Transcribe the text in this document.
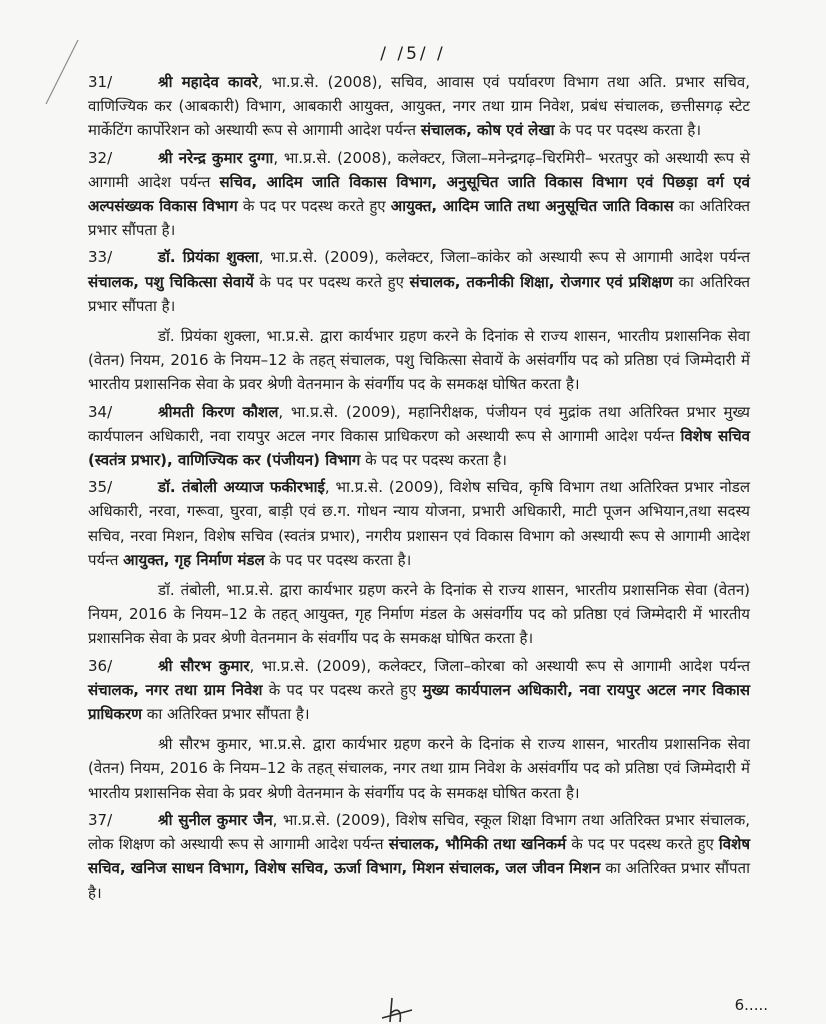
/ /5/ /

31/	श्री महादेव कावरे, भा.प्र.से. (2008), सचिव, आवास एवं पर्यावरण विभाग तथा अति. प्रभार सचिव, वाणिज्यिक कर (आबकारी) विभाग, आबकारी आयुक्त, आयुक्त, नगर तथा ग्राम निवेश, प्रबंध संचालक, छत्तीसगढ़ स्टेट मार्केटिंग कार्पोरेशन को अस्थायी रूप से आगामी आदेश पर्यन्त संचालक, कोष एवं लेखा के पद पर पदस्थ करता है।

32/	श्री नरेन्द्र कुमार दुग्गा, भा.प्र.से. (2008), कलेक्टर, जिला–मनेन्द्रगढ़–चिरमिरी– भरतपुर को अस्थायी रूप से आगामी आदेश पर्यन्त सचिव, आदिम जाति विकास विभाग, अनुसूचित जाति विकास विभाग एवं पिछड़ा वर्ग एवं अल्पसंख्यक विकास विभाग के पद पर पदस्थ करते हुए आयुक्त, आदिम जाति तथा अनुसूचित जाति विकास का अतिरिक्त प्रभार सौंपता है।

33/	डॉ. प्रियंका शुक्ला, भा.प्र.से. (2009), कलेक्टर, जिला–कांकेर को अस्थायी रूप से आगामी आदेश पर्यन्त संचालक, पशु चिकित्सा सेवायें के पद पर पदस्थ करते हुए संचालक, तकनीकी शिक्षा, रोजगार एवं प्रशिक्षण का अतिरिक्त प्रभार सौंपता है।

डॉ. प्रियंका शुक्ला, भा.प्र.से. द्वारा कार्यभार ग्रहण करने के दिनांक से राज्य शासन, भारतीय प्रशासनिक सेवा (वेतन) नियम, 2016 के नियम–12 के तहत् संचालक, पशु चिकित्सा सेवायें के असंवर्गीय पद को प्रतिष्ठा एवं जिम्मेदारी में भारतीय प्रशासनिक सेवा के प्रवर श्रेणी वेतनमान के संवर्गीय पद के समकक्ष घोषित करता है।

34/	श्रीमती किरण कौशल, भा.प्र.से. (2009), महानिरीक्षक, पंजीयन एवं मुद्रांक तथा अतिरिक्त प्रभार मुख्य कार्यपालन अधिकारी, नवा रायपुर अटल नगर विकास प्राधिकरण को अस्थायी रूप से आगामी आदेश पर्यन्त विशेष सचिव (स्वतंत्र प्रभार), वाणिज्यिक कर (पंजीयन) विभाग के पद पर पदस्थ करता है।

35/	डॉ. तंबोली अय्याज फकीरभाई, भा.प्र.से. (2009), विशेष सचिव, कृषि विभाग तथा अतिरिक्त प्रभार नोडल अधिकारी, नरवा, गरूवा, घुरवा, बाड़ी एवं छ.ग. गोधन न्याय योजना, प्रभारी अधिकारी, माटी पूजन अभियान,तथा सदस्य सचिव, नरवा मिशन, विशेष सचिव (स्वतंत्र प्रभार), नगरीय प्रशासन एवं विकास विभाग को अस्थायी रूप से आगामी आदेश पर्यन्त आयुक्त, गृह निर्माण मंडल के पद पर पदस्थ करता है।

डॉ. तंबोली, भा.प्र.से. द्वारा कार्यभार ग्रहण करने के दिनांक से राज्य शासन, भारतीय प्रशासनिक सेवा (वेतन) नियम, 2016 के नियम–12 के तहत् आयुक्त, गृह निर्माण मंडल के असंवर्गीय पद को प्रतिष्ठा एवं जिम्मेदारी में भारतीय प्रशासनिक सेवा के प्रवर श्रेणी वेतनमान के संवर्गीय पद के समकक्ष घोषित करता है।

36/	श्री सौरभ कुमार, भा.प्र.से. (2009), कलेक्टर, जिला–कोरबा को अस्थायी रूप से आगामी आदेश पर्यन्त संचालक, नगर तथा ग्राम निवेश के पद पर पदस्थ करते हुए मुख्य कार्यपालन अधिकारी, नवा रायपुर अटल नगर विकास प्राधिकरण का अतिरिक्त प्रभार सौंपता है।

श्री सौरभ कुमार, भा.प्र.से. द्वारा कार्यभार ग्रहण करने के दिनांक से राज्य शासन, भारतीय प्रशासनिक सेवा (वेतन) नियम, 2016 के नियम–12 के तहत् संचालक, नगर तथा ग्राम निवेश के असंवर्गीय पद को प्रतिष्ठा एवं जिम्मेदारी में भारतीय प्रशासनिक सेवा के प्रवर श्रेणी वेतनमान के संवर्गीय पद के समकक्ष घोषित करता है।

37/	श्री सुनील कुमार जैन, भा.प्र.से. (2009), विशेष सचिव, स्कूल शिक्षा विभाग तथा अतिरिक्त प्रभार संचालक, लोक शिक्षण को अस्थायी रूप से आगामी आदेश पर्यन्त संचालक, भौमिकी तथा खनिकर्म के पद पर पदस्थ करते हुए विशेष सचिव, खनिज साधन विभाग, विशेष सचिव, ऊर्जा विभाग, मिशन संचालक, जल जीवन मिशन का अतिरिक्त प्रभार सौंपता है।

6.....
